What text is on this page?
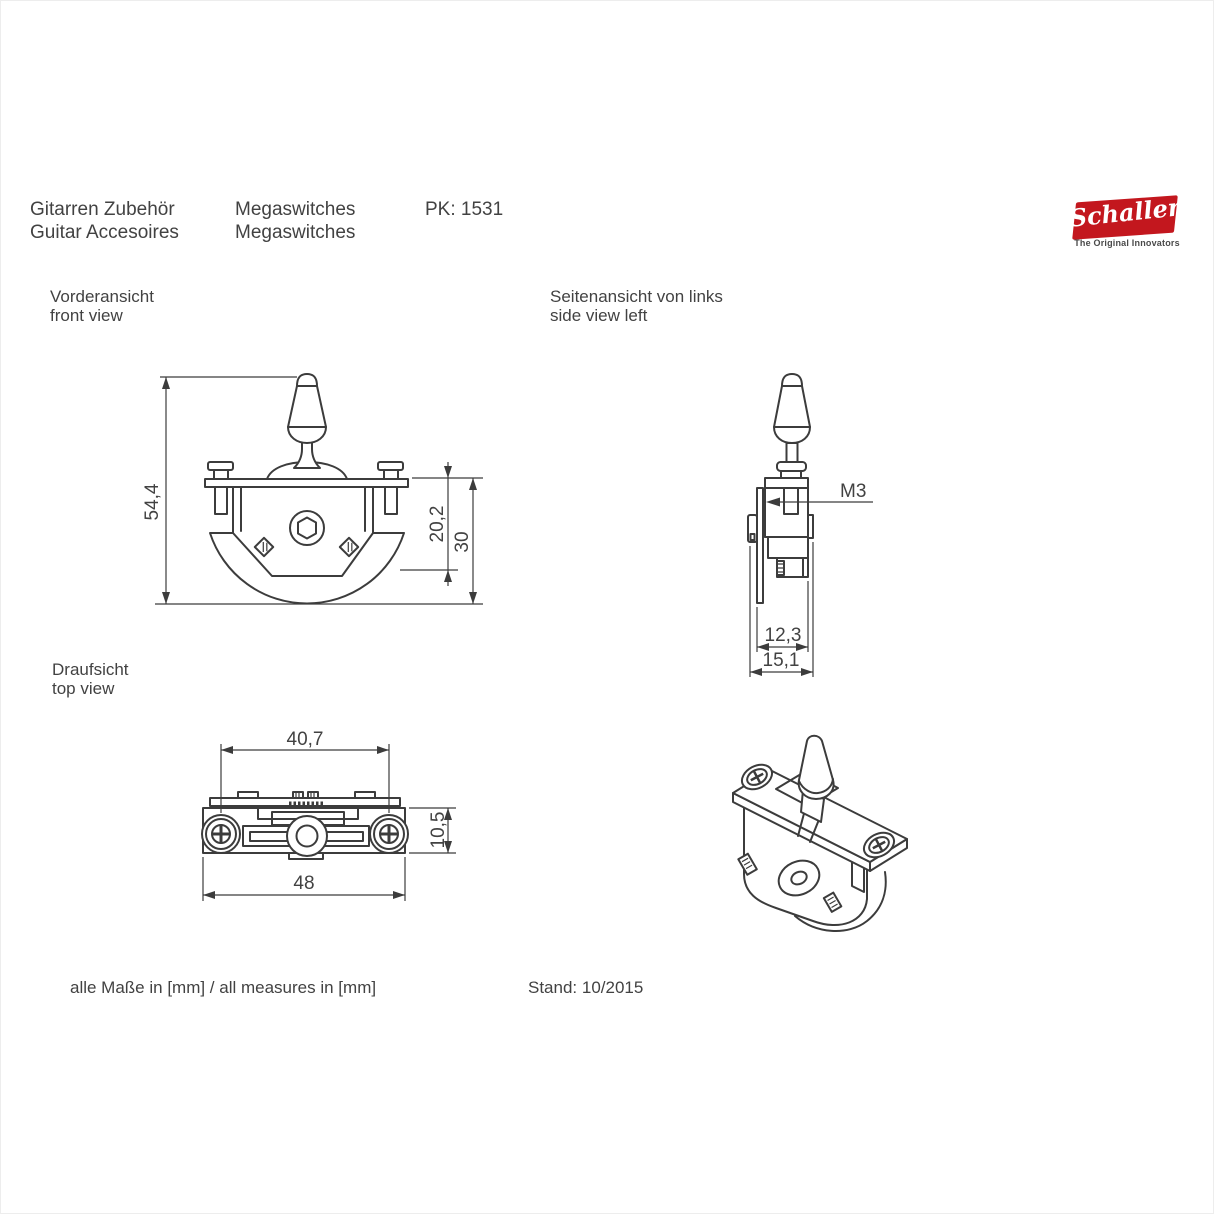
Gitarren Zubehör
Guitar Accesoires
Megaswitches
Megaswitches
PK: 1531	Schaller
The Original Innovators
Vorderansicht
front view
Seitenansicht von links
side view left
Draufsicht
top view
alle Maße in [mm] / all measures in [mm]	Stand: 10/2015
54,4
20,2 30
M3
12,3
15,1
40,7
10,5
48
